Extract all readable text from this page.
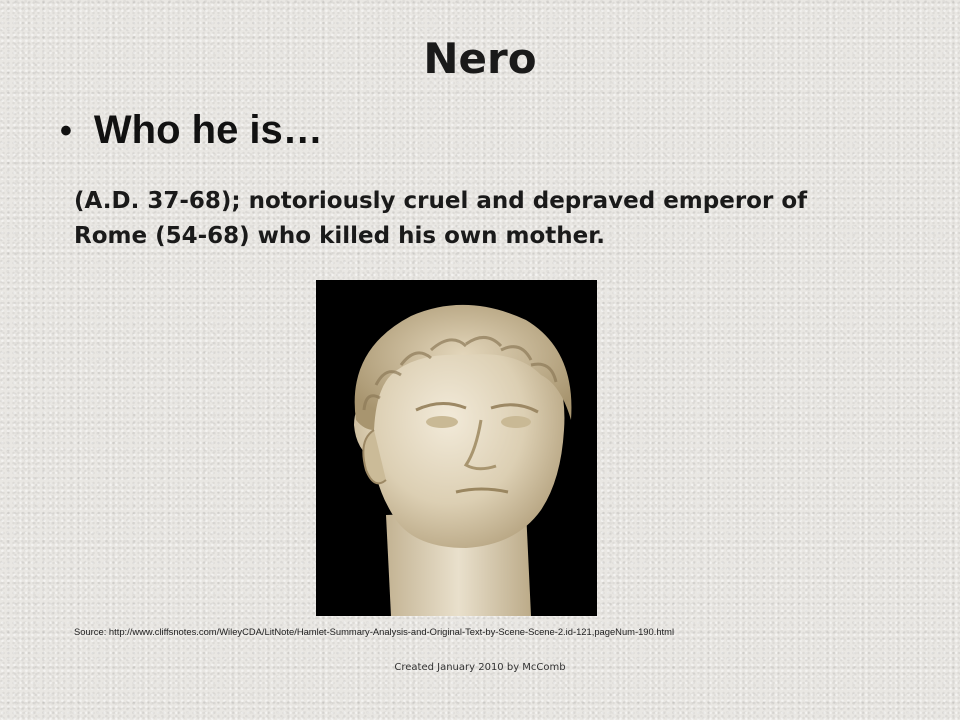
Nero
• Who he is…
(A.D. 37-68); notoriously cruel and depraved emperor of Rome (54-68) who killed his own mother.
Source: http://www.cliffsnotes.com/WileyCDA/LitNote/Hamlet-Summary-Analysis-and-Original-Text-by-Scene-Scene-2.id-121,pageNum-190.html
Created January 2010 by McComb
